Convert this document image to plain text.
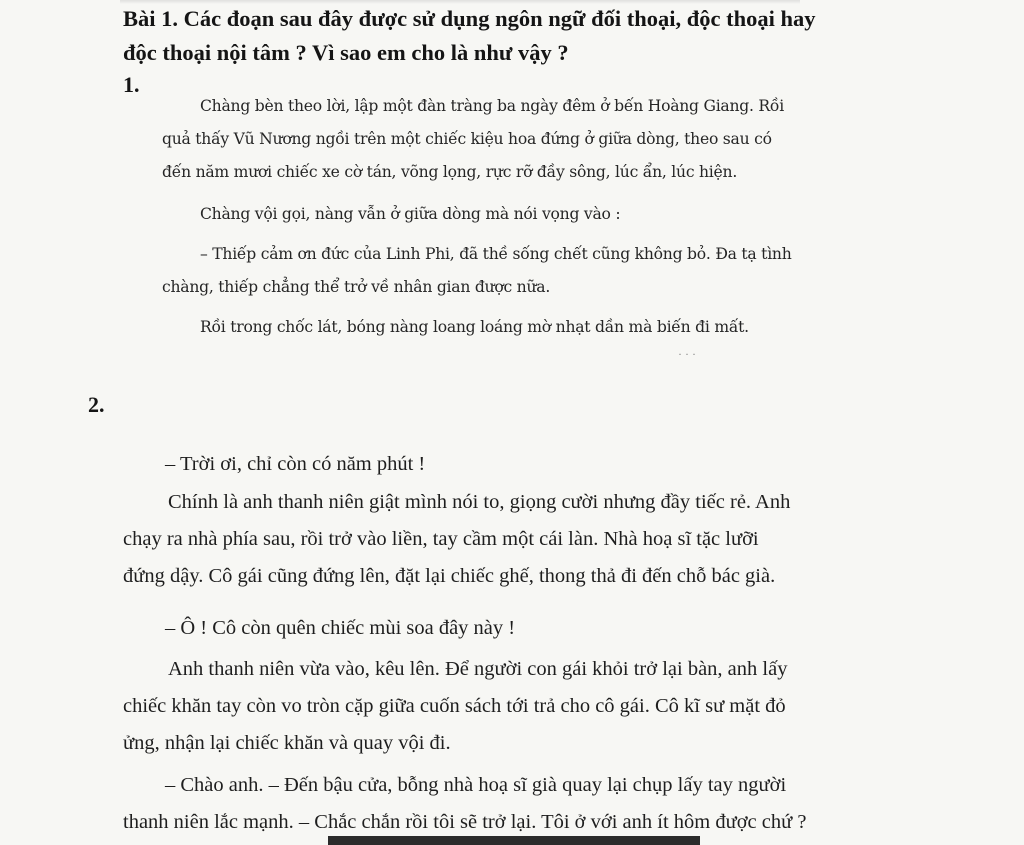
Bài 1. Các đoạn sau đây được sử dụng ngôn ngữ đối thoại, độc thoại hay
độc thoại nội tâm ? Vì sao em cho là như vậy ?
1.
Chàng bèn theo lời, lập một đàn tràng ba ngày đêm ở bến Hoàng Giang. Rồi
quả thấy Vũ Nương ngồi trên một chiếc kiệu hoa đứng ở giữa dòng, theo sau có
đến năm mươi chiếc xe cờ tán, võng lọng, rực rỡ đầy sông, lúc ẩn, lúc hiện.
Chàng vội gọi, nàng vẫn ở giữa dòng mà nói vọng vào :
– Thiếp cảm ơn đức của Linh Phi, đã thề sống chết cũng không bỏ. Đa tạ tình
chàng, thiếp chẳng thể trở về nhân gian được nữa.
Rồi trong chốc lát, bóng nàng loang loáng mờ nhạt dần mà biến đi mất.
· · ·
2.
– Trời ơi, chỉ còn có năm phút !
Chính là anh thanh niên giật mình nói to, giọng cười nhưng đầy tiếc rẻ. Anh
chạy ra nhà phía sau, rồi trở vào liền, tay cầm một cái làn. Nhà hoạ sĩ tặc lưỡi
đứng dậy. Cô gái cũng đứng lên, đặt lại chiếc ghế, thong thả đi đến chỗ bác già.
– Ô ! Cô còn quên chiếc mùi soa đây này !
Anh thanh niên vừa vào, kêu lên. Để người con gái khỏi trở lại bàn, anh lấy
chiếc khăn tay còn vo tròn cặp giữa cuốn sách tới trả cho cô gái. Cô kĩ sư mặt đỏ
ửng, nhận lại chiếc khăn và quay vội đi.
– Chào anh. – Đến bậu cửa, bỗng nhà hoạ sĩ già quay lại chụp lấy tay người
thanh niên lắc mạnh. – Chắc chắn rồi tôi sẽ trở lại. Tôi ở với anh ít hôm được chứ ?
